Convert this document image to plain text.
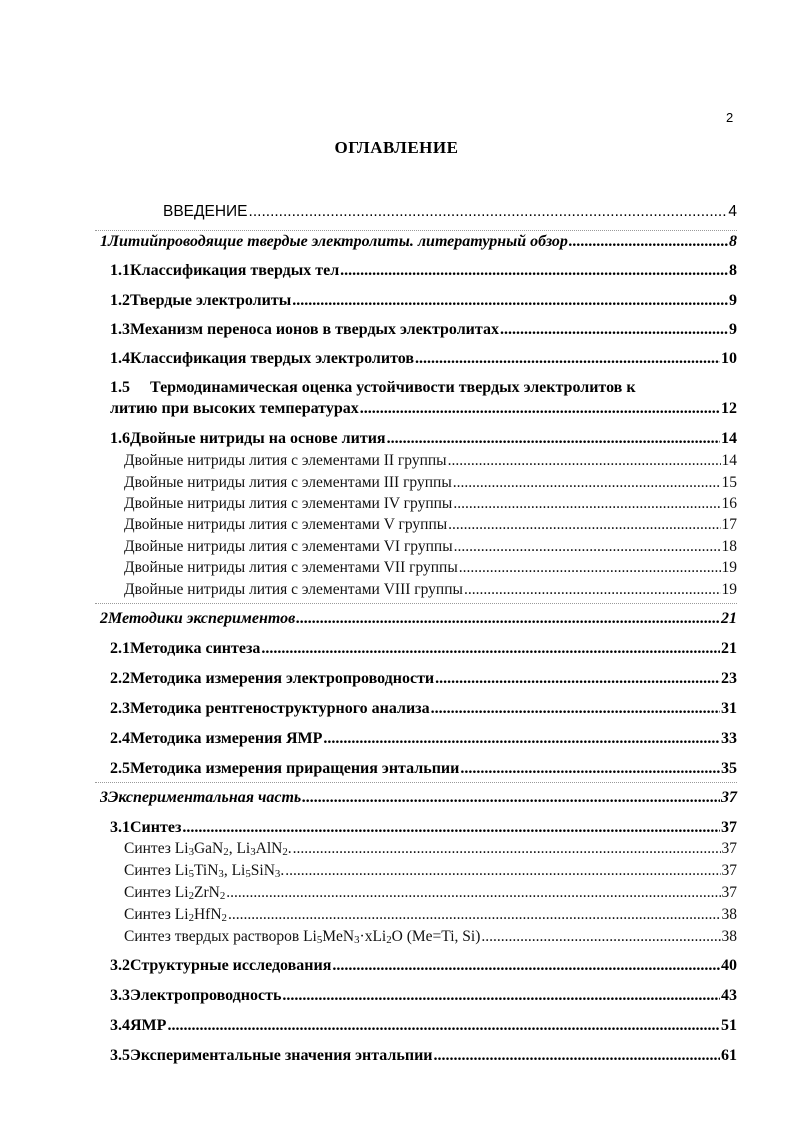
2
ОГЛАВЛЕНИЕ
ВВЕДЕНИЕ .....	4
1 Литийпроводящие твердые электролиты. литературный обзор .....	8
1.1 Классификация твердых тел .....	8
1.2 Твердые электролиты .....	9
1.3 Механизм переноса ионов в твердых электролитах .....	9
1.4 Классификация твердых электролитов .....	10
1.5 Термодинамическая оценка устойчивости твердых электролитов к
литию при высоких температурах .....	12
1.6 Двойные нитриды на основе лития .....	14
Двойные нитриды лития с элементами II группы .....	14
Двойные нитриды лития с элементами III группы .....	15
Двойные нитриды лития с элементами IV группы .....	16
Двойные нитриды лития с элементами V группы .....	17
Двойные нитриды лития с элементами VI группы .....	18
Двойные нитриды лития с элементами VII группы .....	19
Двойные нитриды лития с элементами VIII группы .....	19
2 Методики экспериментов .....	21
2.1 Методика синтеза .....	21
2.2 Методика измерения электропроводности .....	23
2.3 Методика рентгеноструктурного анализа .....	31
2.4 Методика измерения ЯМР .....	33
2.5 Методика измерения приращения энтальпии .....	35
3 Экспериментальная часть .....	37
3.1 Синтез .....	37
Синтез $Li_3GaN_2$, $Li_3AlN_2$. .....	37
Синтез $Li_5TiN_3$, $Li_5SiN_3$. .....	37
Синтез $Li_2ZrN_2$ .....	37
Синтез $Li_2HfN_2$ .....	38
Синтез твердых растворов $Li_5MeN_3\cdot xLi_2O$ (Me=Ti, Si) .....	38
3.2 Структурные исследования .....	40
3.3 Электропроводность .....	43
3.4 ЯМР .....	51
3.5 Экспериментальные значения энтальпии .....	61
